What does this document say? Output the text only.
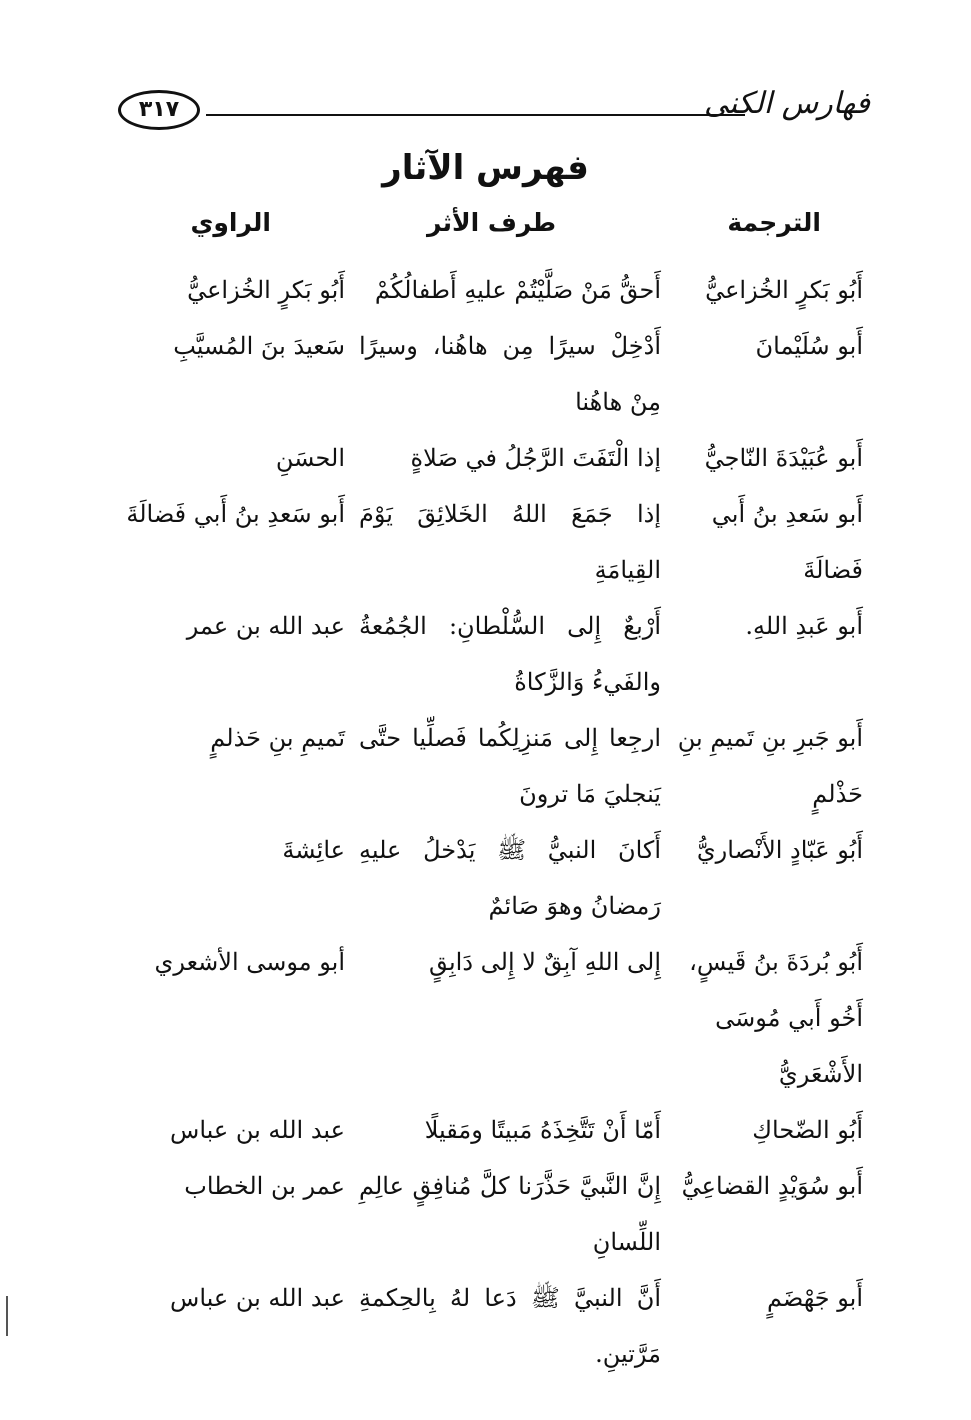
فهارس الكنى
٣١٧
فهرس الآثار
الترجمة
طرف الأثر
الراوي
أَبُو بَكرٍ الخُزاعيُّ
أَحقُّ مَنْ صَلَّيْتُمْ عليهِ أَطفالُكُمْ
أَبُو بَكرٍ الخُزاعيُّ
أَبو سُلَيْمانَ
أَدْخِلْ سيرًا مِن هاهُنا، وسيرًا مِنْ هاهُنا
سَعيدَ بنَ المُسيَّبِ
أَبو عُبَيْدَةَ النّاجيُّ
إذا الْتَفَتَ الرَّجُلُ في صَلاةٍ
الحسَنِ
أَبو سَعدِ بنُ أَبي فَضالَةَ
إذا جَمَعَ اللهُ الخَلائِقَ يَوْمَ القِيامَةِ
أَبو سَعدِ بنُ أَبي فَضالَةَ
أَبو عَبدِ اللهِ.
أَرْبعٌ إِلى السُّلْطانِ: الجُمُعةُ والفَيءُ وَالزَّكاةُ
عبد الله بن عمر
أَبو جَبرِ بنِ تَميمِ بنِ حَذْلمٍ
ارجِعا إِلى مَنزِلِكُما فَصلِّيا حتَّى يَنجليَ مَا ترونَ
تَميمِ بنِ حَذلمٍ
أَبُو عَبّادٍ الأَنْصاريُّ
أَكانَ النبيُّ ﷺ يَدْخلُ عليهِ رَمضانُ وهوَ صَائمٌ
عائِشةَ
أَبُو بُردَةَ بنُ قَيسٍ، أَخُو أَبي مُوسَى الأَشْعَريُّ
إِلى اللهِ آبِقٌ لا إِلى دَابِقٍ
أبو موسى الأشعري
أَبُو الضّحاكِ
أَمّا أَنْ تَتَّخِذَهُ مَبيتًا ومَقيلًا
عبد الله بن عباس
أَبو سُوَيْدٍ القضاعِيُّ
إِنَّ النَّبيَّ حَذَّرَنا كلَّ مُنافِقٍ عالِمِ اللِّسانِ
عمر بن الخطاب
أَبو جَهْضَمٍ
أَنَّ النبيَّ ﷺ دَعا لهُ بِالحِكمةِ مَرَّتينِ.
عبد الله بن عباس
